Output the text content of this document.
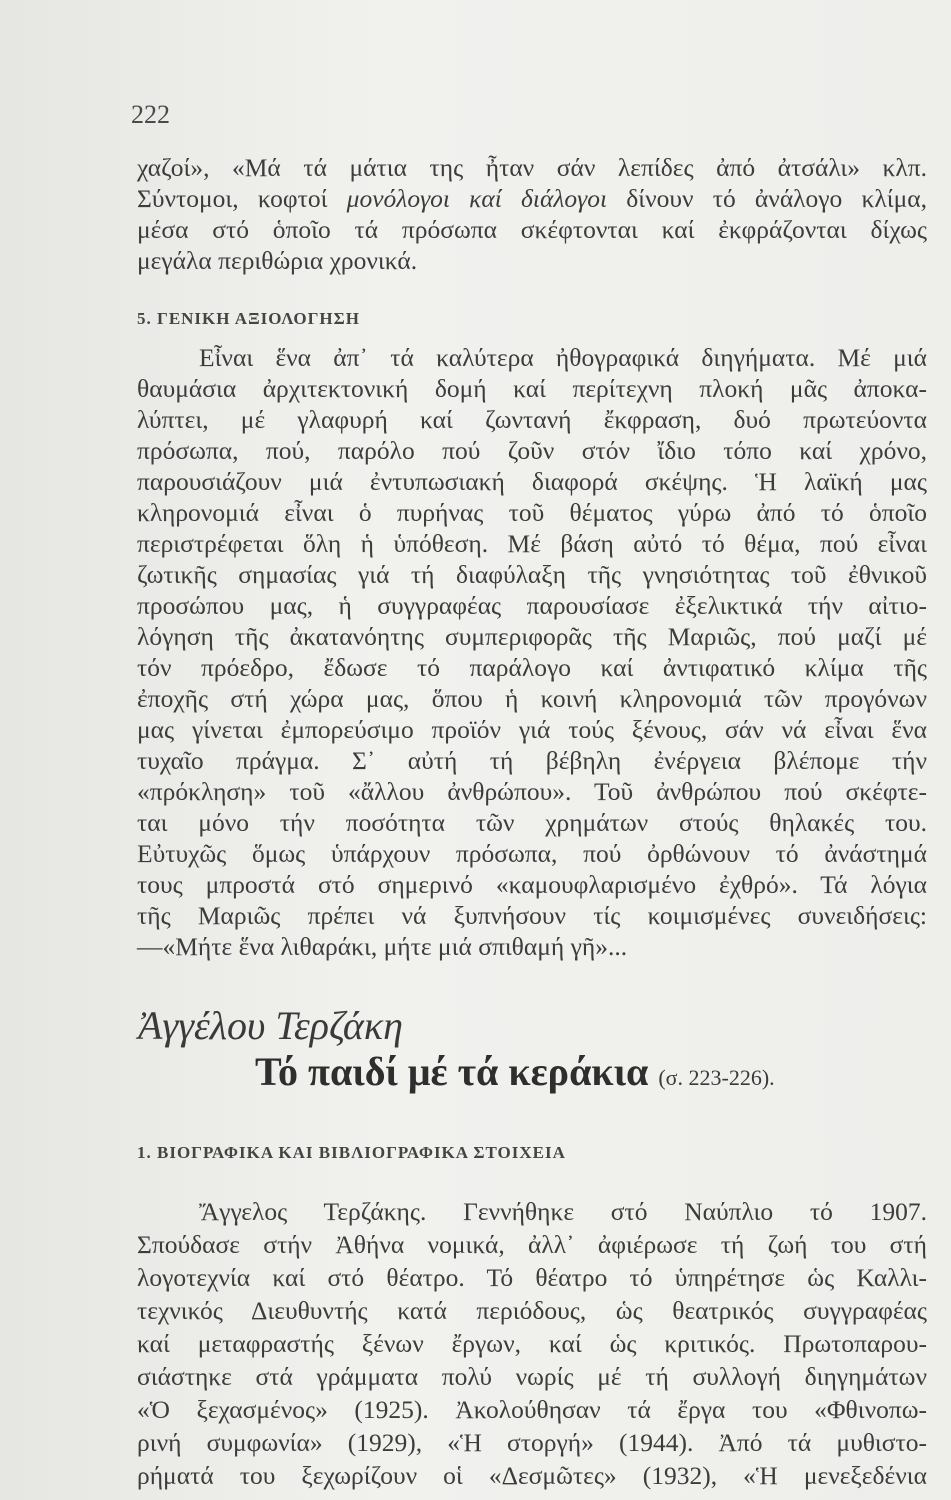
222
χαζοί», «Μά τά μάτια της ἦταν σάν λεπίδες ἀπό ἀτσάλι» κλπ.
Σύντομοι, κοφτοί μονόλογοι καί διάλογοι δίνουν τό ἀνάλογο κλίμα,
μέσα στό ὁποῖο τά πρόσωπα σκέφτονται καί ἐκφράζονται δίχως
μεγάλα περιθώρια χρονικά.
5. ΓΕΝΙΚΗ ΑΞΙΟΛΟΓΗΣΗ
Εἶναι ἕνα ἀπ᾿ τά καλύτερα ἠθογραφικά διηγήματα. Μέ μιά
θαυμάσια ἀρχιτεκτονική δομή καί περίτεχνη πλοκή μᾶς ἀποκα-
λύπτει, μέ γλαφυρή καί ζωντανή ἔκφραση, δυό πρωτεύοντα
πρόσωπα, πού, παρόλο πού ζοῦν στόν ἴδιο τόπο καί χρόνο,
παρουσιάζουν μιά ἐντυπωσιακή διαφορά σκέψης. Ἡ λαϊκή μας
κληρονομιά εἶναι ὁ πυρήνας τοῦ θέματος γύρω ἀπό τό ὁποῖο
περιστρέφεται ὅλη ἡ ὑπόθεση. Μέ βάση αὐτό τό θέμα, πού εἶναι
ζωτικῆς σημασίας γιά τή διαφύλαξη τῆς γνησιότητας τοῦ ἐθνικοῦ
προσώπου μας, ἡ συγγραφέας παρουσίασε ἐξελικτικά τήν αἰτιο-
λόγηση τῆς ἀκατανόητης συμπεριφορᾶς τῆς Μαριῶς, πού μαζί μέ
τόν πρόεδρο, ἔδωσε τό παράλογο καί ἀντιφατικό κλίμα τῆς
ἐποχῆς στή χώρα μας, ὅπου ἡ κοινή κληρονομιά τῶν προγόνων
μας γίνεται ἐμπορεύσιμο προϊόν γιά τούς ξένους, σάν νά εἶναι ἕνα
τυχαῖο πράγμα. Σ᾿ αὐτή τή βέβηλη ἐνέργεια βλέπομε τήν
«πρόκληση» τοῦ «ἄλλου ἀνθρώπου». Τοῦ ἀνθρώπου πού σκέφτε-
ται μόνο τήν ποσότητα τῶν χρημάτων στούς θηλακές του.
Εὐτυχῶς ὅμως ὑπάρχουν πρόσωπα, πού ὀρθώνουν τό ἀνάστημά
τους μπροστά στό σημερινό «καμουφλαρισμένο ἐχθρό». Τά λόγια
τῆς Μαριῶς πρέπει νά ξυπνήσουν τίς κοιμισμένες συνειδήσεις:
—«Μήτε ἕνα λιθαράκι, μήτε μιά σπιθαμή γῆ»...
Ἀγγέλου Τερζάκη
Τό παιδί μέ τά κεράκια (σ. 223-226).
1. ΒΙΟΓΡΑΦΙΚΑ ΚΑΙ ΒΙΒΛΙΟΓΡΑΦΙΚΑ ΣΤΟΙΧΕΙΑ
Ἄγγελος Τερζάκης. Γεννήθηκε στό Ναύπλιο τό 1907.
Σπούδασε στήν Ἀθήνα νομικά, ἀλλ᾿ ἀφιέρωσε τή ζωή του στή
λογοτεχνία καί στό θέατρο. Τό θέατρο τό ὑπηρέτησε ὡς Καλλι-
τεχνικός Διευθυντής κατά περιόδους, ὡς θεατρικός συγγραφέας
καί μεταφραστής ξένων ἔργων, καί ὡς κριτικός. Πρωτοπαρου-
σιάστηκε στά γράμματα πολύ νωρίς μέ τή συλλογή διηγημάτων
«Ὁ ξεχασμένος» (1925). Ἀκολούθησαν τά ἔργα του «Φθινοπω-
ρινή συμφωνία» (1929), «Ἡ στοργή» (1944). Ἀπό τά μυθιστο-
ρήματά του ξεχωρίζουν οἱ «Δεσμῶτες» (1932), «Ἡ μενεξεδένια
